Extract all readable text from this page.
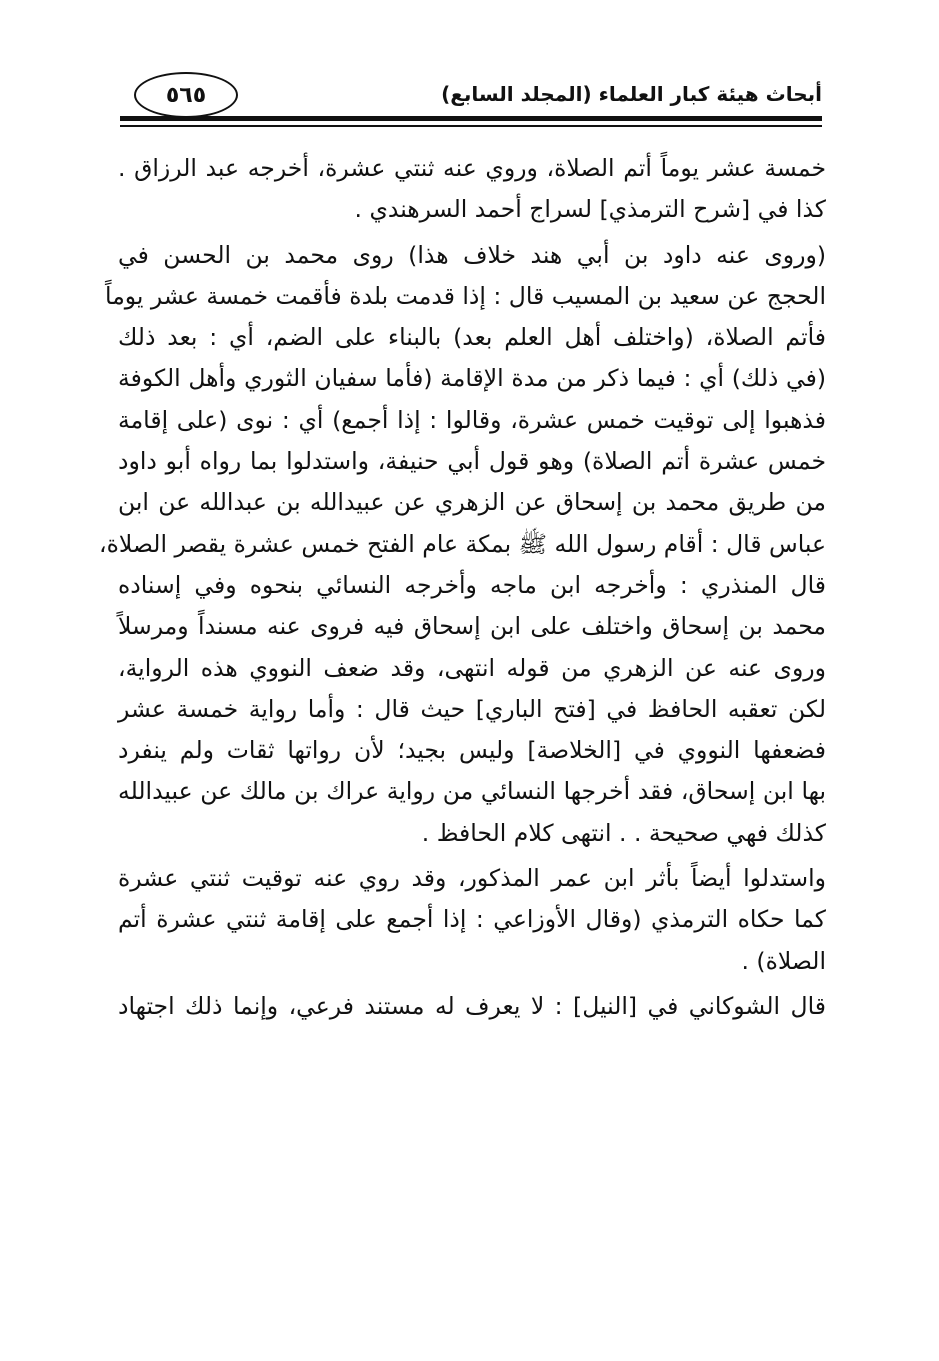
٥٦٥	أبحاث هيئة كبار العلماء (المجلد السابع)
خمسة عشر يوماً أتم الصلاة، وروي عنه ثنتي عشرة، أخرجه عبد الرزاق .
كذا في [شرح الترمذي] لسراج أحمد السرهندي .
(وروى عنه داود بن أبي هند خلاف هذا) روى محمد بن الحسن في
الحجج عن سعيد بن المسيب قال : إذا قدمت بلدة فأقمت خمسة عشر يوماً
فأتم الصلاة، (واختلف أهل العلم بعد) بالبناء على الضم، أي : بعد ذلك
(في ذلك) أي : فيما ذكر من مدة الإقامة (فأما سفيان الثوري وأهل الكوفة
فذهبوا إلى توقيت خمس عشرة، وقالوا : إذا أجمع) أي : نوى (على إقامة
خمس عشرة أتم الصلاة) وهو قول أبي حنيفة، واستدلوا بما رواه أبو داود
من طريق محمد بن إسحاق عن الزهري عن عبيدالله بن عبدالله عن ابن
عباس قال : أقام رسول الله ﷺ بمكة عام الفتح خمس عشرة يقصر الصلاة،
قال المنذري : وأخرجه ابن ماجه وأخرجه النسائي بنحوه وفي إسناده
محمد بن إسحاق واختلف على ابن إسحاق فيه فروى عنه مسنداً ومرسلاً
وروى عنه عن الزهري من قوله انتهى، وقد ضعف النووي هذه الرواية،
لكن تعقبه الحافظ في [فتح الباري] حيث قال : وأما رواية خمسة عشر
فضعفها النووي في [الخلاصة] وليس بجيد؛ لأن رواتها ثقات ولم ينفرد
بها ابن إسحاق، فقد أخرجها النسائي من رواية عراك بن مالك عن عبيدالله
كذلك فهي صحيحة . . انتهى كلام الحافظ .
واستدلوا أيضاً بأثر ابن عمر المذكور، وقد روي عنه توقيت ثنتي عشرة
كما حكاه الترمذي (وقال الأوزاعي : إذا أجمع على إقامة ثنتي عشرة أتم
الصلاة) .
قال الشوكاني في [النيل] : لا يعرف له مستند فرعي، وإنما ذلك اجتهاد
